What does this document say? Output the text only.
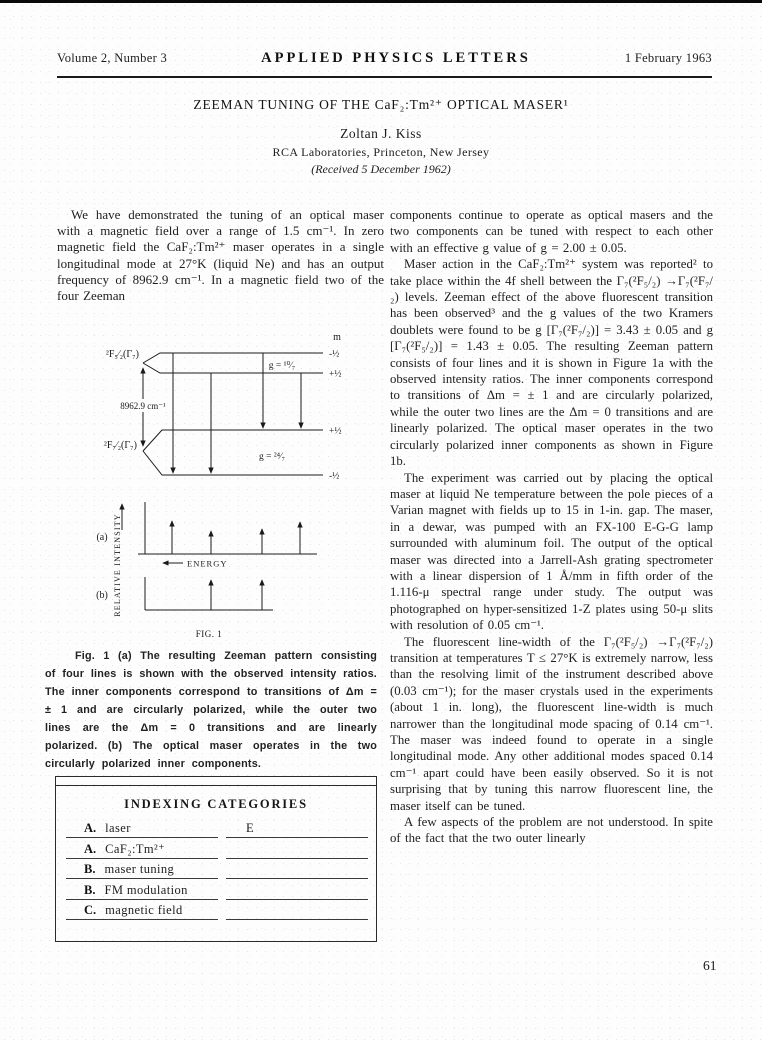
Volume 2, Number 3	APPLIED PHYSICS LETTERS	1 February 1963
ZEEMAN TUNING OF THE CaF₂:Tm²⁺ OPTICAL MASER¹
Zoltan J. Kiss
RCA Laboratories, Princeton, New Jersey
(Received 5 December 1962)

We have demonstrated the tuning of an optical maser with a magnetic field over a range of 1.5 cm⁻¹. In zero magnetic field the CaF₂:Tm²⁺ maser operates in a single longitudinal mode at 27°K (liquid Ne) and has an output frequency of 8962.9 cm⁻¹. In a magnetic field two of the four Zeeman

m
²F₅⁄₂(Γ₇)
g = ¹⁰⁄₇
-½
+½
8962.9 cm⁻¹
²F₇⁄₂(Γ₇)
g = ²⁴⁄₇
+½
-½
RELATIVE INTENSITY
(a)
ENERGY
(b)
FIG. 1

Fig. 1 (a) The resulting Zeeman pattern consisting of four lines is shown with the observed intensity ratios. The inner components correspond to transitions of Δm = ± 1 and are circularly polarized, while the outer two lines are the Δm = 0 transitions and are linearly polarized. (b) The optical maser operates in the two circularly polarized inner components.

INDEXING CATEGORIES
A. laser	E
A. CaF₂:Tm²⁺
B. maser tuning
B. FM modulation
C. magnetic field

components continue to operate as optical masers and the two components can be tuned with respect to each other with an effective g value of g = 2.00 ± 0.05.

Maser action in the CaF₂:Tm²⁺ system was reported² to take place within the 4f shell between the Γ₇(²F₅/₂) →Γ₇(²F₇/₂) levels. Zeeman effect of the above fluorescent transition has been observed³ and the g values of the two Kramers doublets were found to be g [Γ₇(²F₇/₂)] = 3.43 ± 0.05 and g [Γ₇(²F₅/₂)] = 1.43 ± 0.05. The resulting Zeeman pattern consists of four lines and it is shown in Figure 1a with the observed intensity ratios. The inner components correspond to transitions of Δm = ± 1 and are circularly polarized, while the outer two lines are the Δm = 0 transitions and are linearly polarized. The optical maser operates in the two circularly polarized inner components as shown in Figure 1b.

The experiment was carried out by placing the optical maser at liquid Ne temperature between the pole pieces of a Varian magnet with fields up to 15 in 1-in. gap. The maser, in a dewar, was pumped with an FX-100 E-G-G lamp surrounded with aluminum foil. The output of the optical maser was directed into a Jarrell-Ash grating spectrometer with a linear dispersion of 1 Å/mm in fifth order of the 1.116-μ spectral range under study. The output was photographed on hyper-sensitized 1-Z plates using 50-μ slits with resolution of 0.05 cm⁻¹.

The fluorescent line-width of the Γ₇(²F₅/₂) →Γ₇(²F₇/₂) transition at temperatures T ≤ 27°K is extremely narrow, less than the resolving limit of the instrument described above (0.03 cm⁻¹); for the maser crystals used in the experiments (about 1 in. long), the fluorescent line-width is much narrower than the longitudinal mode spacing of 0.14 cm⁻¹. The maser was indeed found to operate in a single longitudinal mode. Any other additional modes spaced 0.14 cm⁻¹ apart could have been easily observed. So it is not surprising that by tuning this narrow fluorescent line, the maser itself can be tuned.

A few aspects of the problem are not understood. In spite of the fact that the two outer linearly

61
